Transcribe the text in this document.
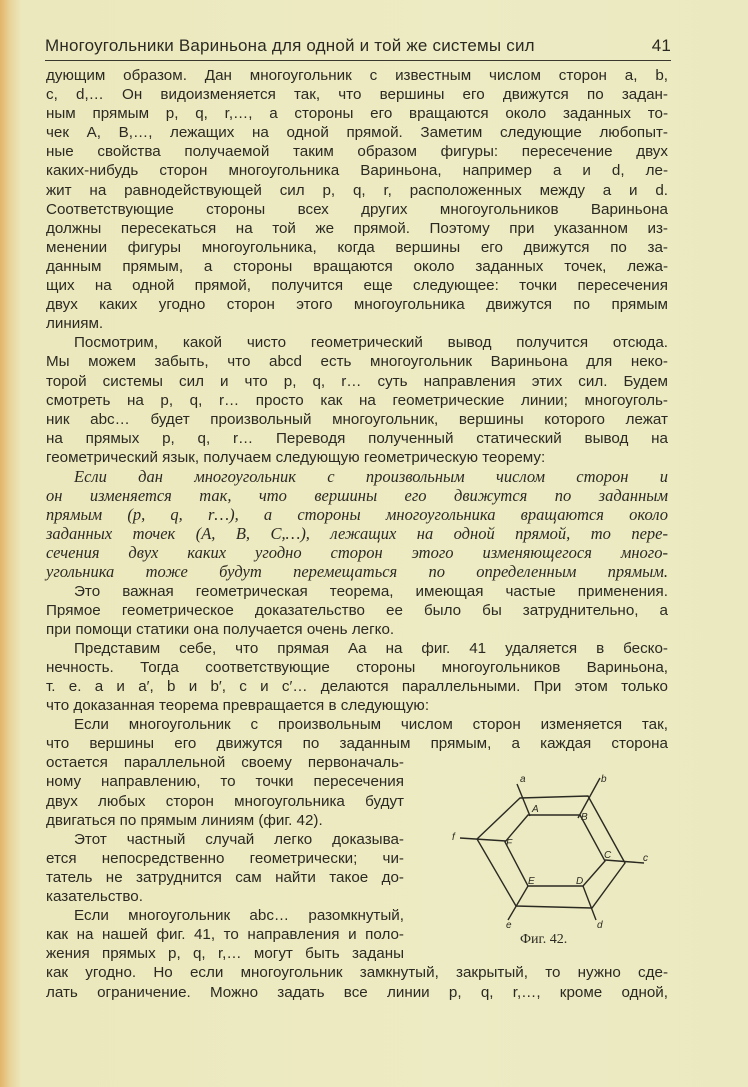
Многоугольники Вариньона для одной и той же системы сил	41

дующим образом. Дан многоугольник с известным числом сторон a, b,
c, d,… Он видоизменяется так, что вершины его движутся по задан-
ным прямым p, q, r,…, а стороны его вращаются около заданных то-
чек A, B,…, лежащих на одной прямой. Заметим следующие любопыт-
ные свойства получаемой таким образом фигуры: пересечение двух
каких-нибудь сторон многоугольника Вариньона, например a и d, ле-
жит на равнодействующей сил p, q, r, расположенных между a и d.
Соответствующие стороны всех других многоугольников Вариньона
должны пересекаться на той же прямой. Поэтому при указанном из-
менении фигуры многоугольника, когда вершины его движутся по за-
данным прямым, а стороны вращаются около заданных точек, лежа-
щих на одной прямой, получится еще следующее: точки пересечения
двух каких угодно сторон этого многоугольника движутся по прямым
линиям.

Посмотрим, какой чисто геометрический вывод получится отсюда.
Мы можем забыть, что abcd есть многоугольник Вариньона для неко-
торой системы сил и что p, q, r… суть направления этих сил. Будем
смотреть на p, q, r… просто как на геометрические линии; многоуголь-
ник abc… будет произвольный многоугольник, вершины которого лежат
на прямых p, q, r… Переводя полученный статический вывод на
геометрический язык, получаем следующую геометрическую теорему:

Если дан многоугольник с произвольным числом сторон и
он изменяется так, что вершины его движутся по заданным
прямым (p, q, r…), а стороны многоугольника вращаются около
заданных точек (A, B, C,…), лежащих на одной прямой, то пере-
сечения двух каких угодно сторон этого изменяющегося много-
угольника тоже будут перемещаться по определенным прямым.

Это важная геометрическая теорема, имеющая частые применения.
Прямое геометрическое доказательство ее было бы затруднительно, а
при помощи статики она получается очень легко.

Представим себе, что прямая Aa на фиг. 41 удаляется в беско-
нечность. Тогда соответствующие стороны многоугольников Вариньона,
т. е. a и a′, b и b′, c и c′… делаются параллельными. При этом только
что доказанная теорема превращается в следующую:

Если многоугольник с произвольным числом сторон изменяется так,
что вершины его движутся по заданным прямым, а каждая сторона
остается параллельной своему первоначаль-
ному направлению, то точки пересечения
двух любых сторон многоугольника будут
двигаться по прямым линиям (фиг. 42).

Этот частный случай легко доказыва-
ется непосредственно геометрически; чи-
татель не затруднится сам найти такое до-
казательство.

Если многоугольник abc… разомкнутый,
как на нашей фиг. 41, то направления и поло-
жения прямых p, q, r,… могут быть заданы
как угодно. Но если многоугольник замкнутый, закрытый, то нужно сде-
лать ограничение. Можно задать все линии p, q, r,…, кроме одной,

a	b
c
d
e
f
A
B
C
D
E
F
Фиг. 42.
